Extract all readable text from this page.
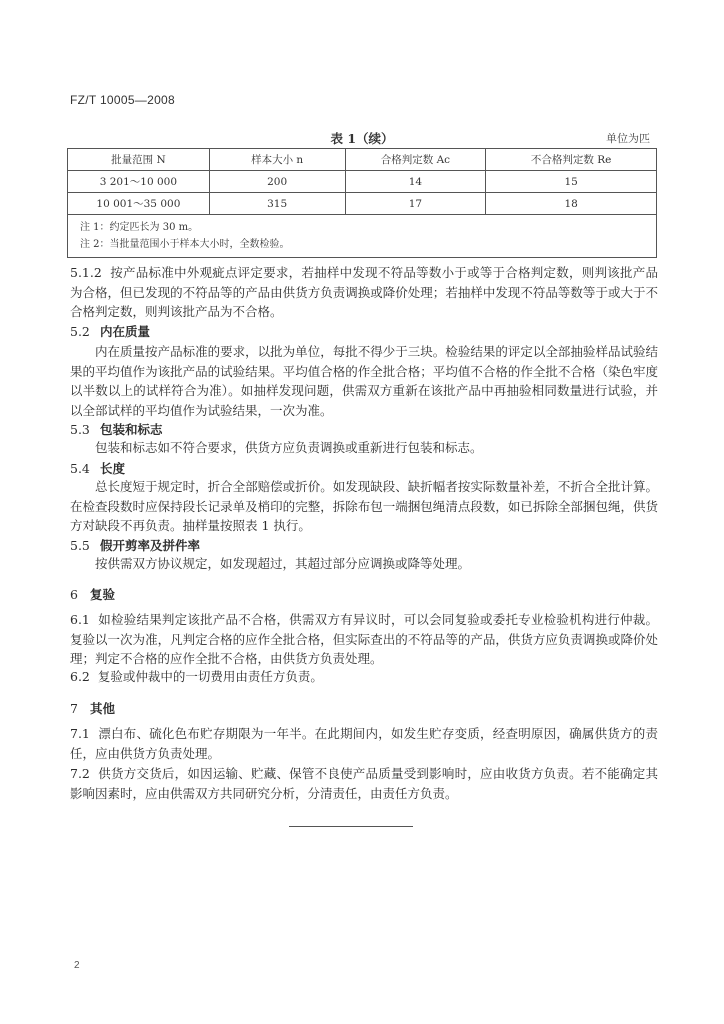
FZ/T 10005—2008
表 1（续）	单位为匹
批量范围 N	样本大小 n	合格判定数 Ac	不合格判定数 Re
3 201～10 000	200	14	15
10 001～35 000	315	17	18

注 1：约定匹长为 30 m。
注 2：当批量范围小于样本大小时，全数检验。			
5.1.2 按产品标准中外观疵点评定要求，若抽样中发现不符品等数小于或等于合格判定数，则判该批产品为合格，但已发现的不符品等的产品由供货方负责调换或降价处理；若抽样中发现不符品等数等于或大于不合格判定数，则判该批产品为不合格。
5.2 内在质量
内在质量按产品标准的要求，以批为单位，每批不得少于三块。检验结果的评定以全部抽验样品试验结果的平均值作为该批产品的试验结果。平均值合格的作全批合格；平均值不合格的作全批不合格（染色牢度以半数以上的试样符合为准）。如抽样发现问题，供需双方重新在该批产品中再抽验相同数量进行试验，并以全部试样的平均值作为试验结果，一次为准。
5.3 包装和标志
包装和标志如不符合要求，供货方应负责调换或重新进行包装和标志。
5.4 长度
总长度短于规定时，折合全部赔偿或折价。如发现缺段、缺折幅者按实际数量补差，不折合全批计算。在检查段数时应保持段长记录单及梢印的完整，拆除布包一端捆包绳清点段数，如已拆除全部捆包绳，供货方对缺段不再负责。抽样量按照表 1 执行。
5.5 假开剪率及拼件率
按供需双方协议规定，如发现超过，其超过部分应调换或降等处理。
6 复验
6.1 如检验结果判定该批产品不合格，供需双方有异议时，可以会同复验或委托专业检验机构进行仲裁。复验以一次为准，凡判定合格的应作全批合格，但实际查出的不符品等的产品，供货方应负责调换或降价处理；判定不合格的应作全批不合格，由供货方负责处理。
6.2 复验或仲裁中的一切费用由责任方负责。
7 其他
7.1 漂白布、硫化色布贮存期限为一年半。在此期间内，如发生贮存变质，经查明原因，确属供货方的责任，应由供货方负责处理。
7.2 供货方交货后，如因运输、贮藏、保管不良使产品质量受到影响时，应由收货方负责。若不能确定其影响因素时，应由供需双方共同研究分析，分清责任，由责任方负责。
2
